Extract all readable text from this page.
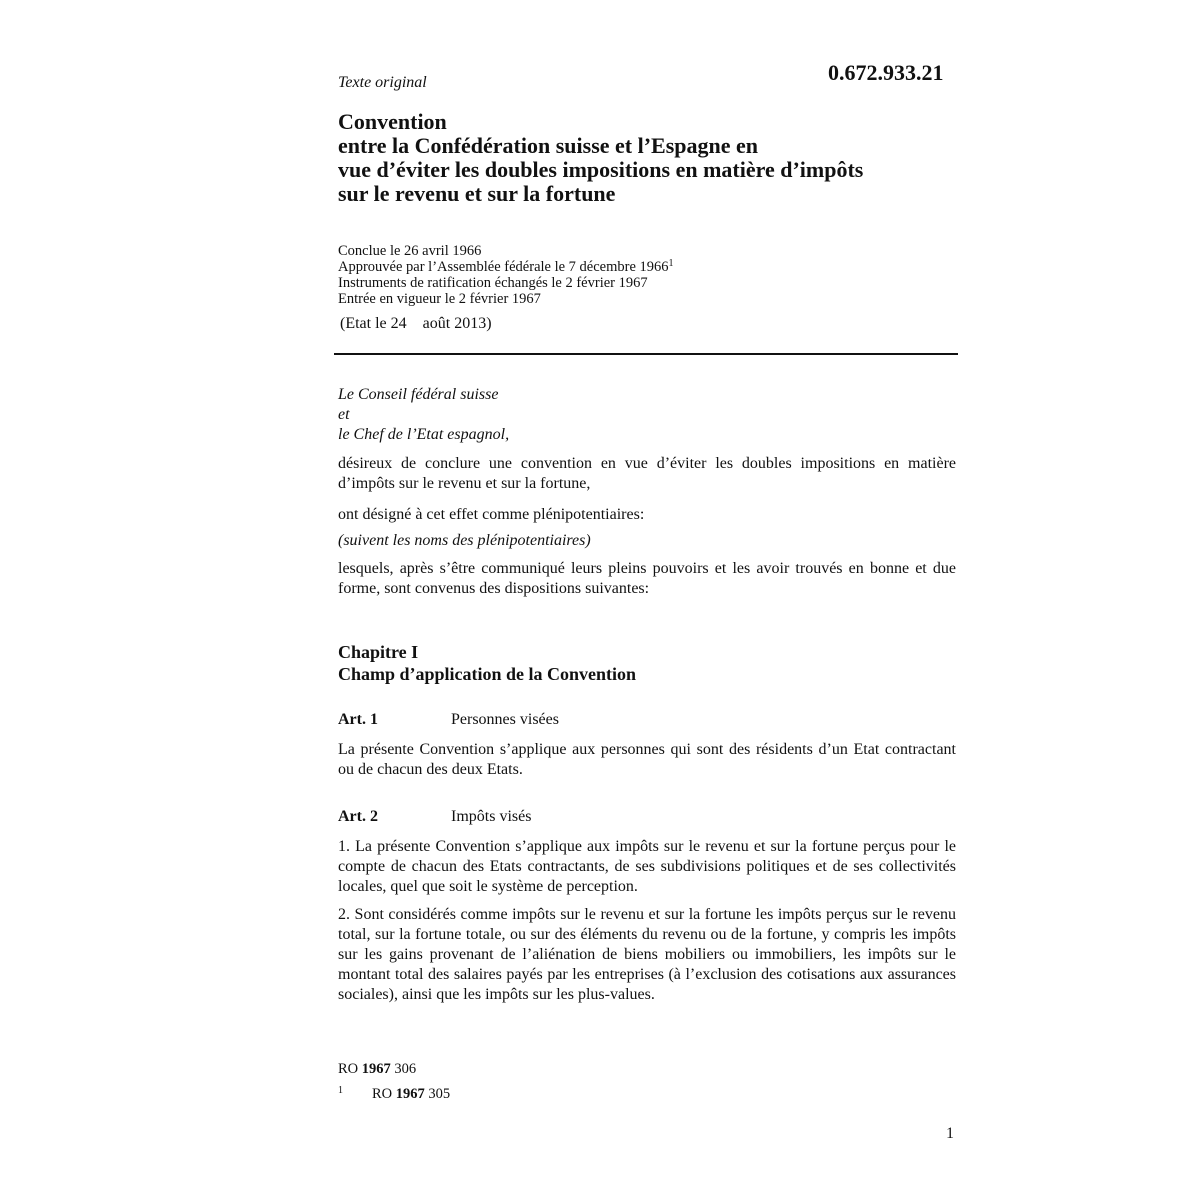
Texte original	0.672.933.21
Convention
entre la Confédération suisse et l’Espagne en
vue d’éviter les doubles impositions en matière d’impôts
sur le revenu et sur la fortune
Conclue le 26 avril 1966
Approuvée par l’Assemblée fédérale le 7 décembre 1966$^1$
Instruments de ratification échangés le 2 février 1967
Entrée en vigueur le 2 février 1967
(Etat le 24    août 2013)
Le Conseil fédéral suisse
et
le Chef de l’Etat espagnol,
désireux de conclure une convention en vue d’éviter les doubles impositions en matière d’impôts sur le revenu et sur la fortune,
ont désigné à cet effet comme plénipotentiaires:
(suivent les noms des plénipotentiaires)
lesquels, après s’être communiqué leurs pleins pouvoirs et les avoir trouvés en bonne et due forme, sont convenus des dispositions suivantes:
Chapitre I
Champ d’application de la Convention
Art. 1	Personnes visées
La présente Convention s’applique aux personnes qui sont des résidents d’un Etat contractant ou de chacun des deux Etats.
Art. 2	Impôts visés
1. La présente Convention s’applique aux impôts sur le revenu et sur la fortune perçus pour le compte de chacun des Etats contractants, de ses subdivisions politiques et de ses collectivités locales, quel que soit le système de perception.
2. Sont considérés comme impôts sur le revenu et sur la fortune les impôts perçus sur le revenu total, sur la fortune totale, ou sur des éléments du revenu ou de la fortune, y compris les impôts sur les gains provenant de l’aliénation de biens mobiliers ou immobiliers, les impôts sur le montant total des salaires payés par les entreprises (à l’exclusion des cotisations aux assurances sociales), ainsi que les impôts sur les plus-values.
RO 1967 306
1 RO 1967 305
1
